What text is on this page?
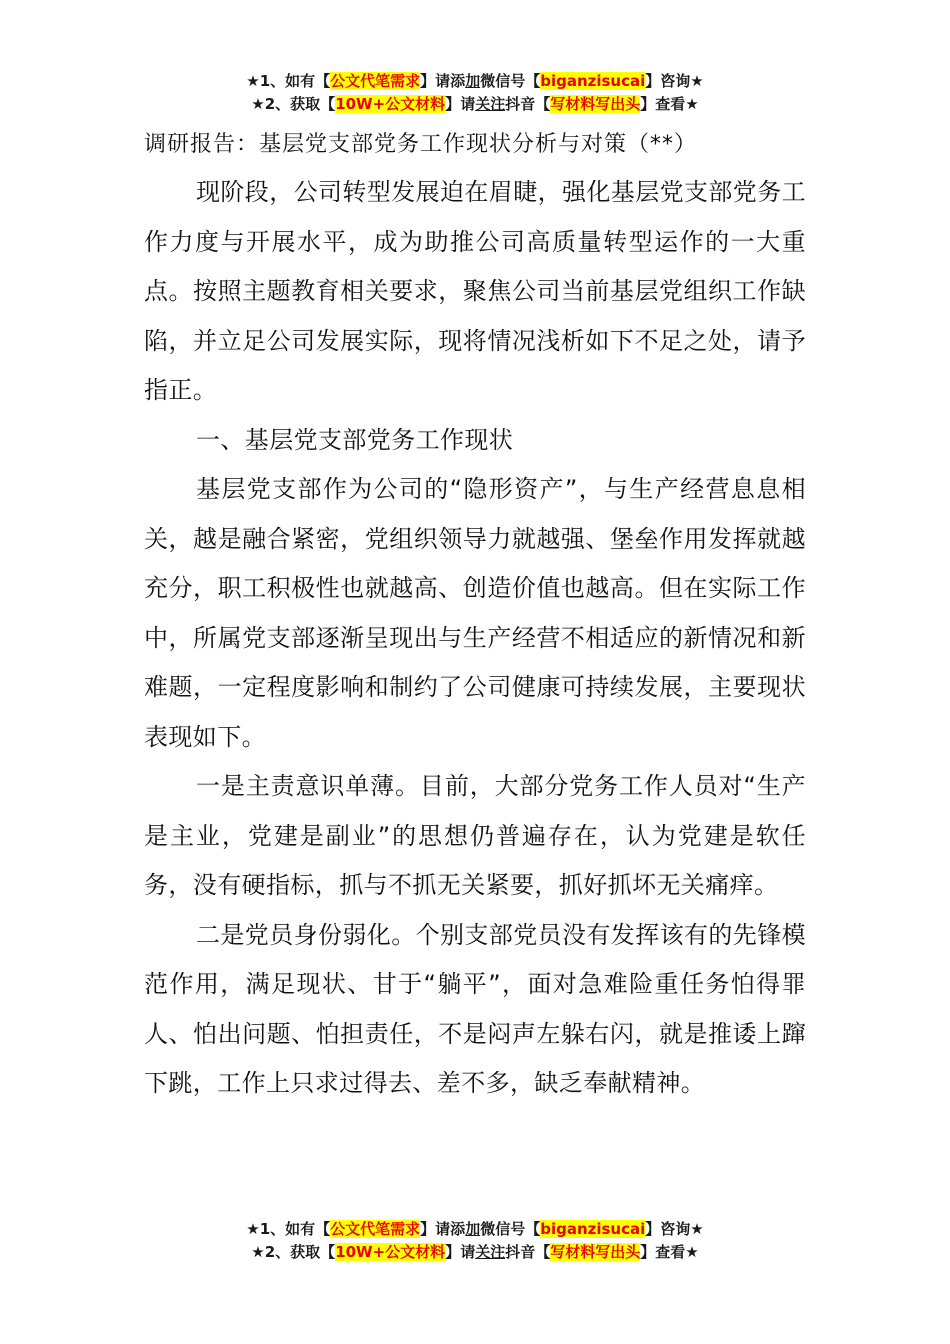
★1、如有【公文代笔需求】请添加微信号【biganzisucai】咨询★
★2、获取【10W+公文材料】请关注抖音【写材料写出头】查看★
调研报告：基层党支部党务工作现状分析与对策（**）

现阶段，公司转型发展迫在眉睫，强化基层党支部党务工作力度与开展水平，成为助推公司高质量转型运作的一大重点。按照主题教育相关要求，聚焦公司当前基层党组织工作缺陷，并立足公司发展实际，现将情况浅析如下不足之处，请予指正。

一、基层党支部党务工作现状

基层党支部作为公司的“隐形资产”，与生产经营息息相关，越是融合紧密，党组织领导力就越强、堡垒作用发挥就越充分，职工积极性也就越高、创造价值也越高。但在实际工作中，所属党支部逐渐呈现出与生产经营不相适应的新情况和新难题，一定程度影响和制约了公司健康可持续发展，主要现状表现如下。

一是主责意识单薄。目前，大部分党务工作人员对“生产是主业，党建是副业”的思想仍普遍存在，认为党建是软任务，没有硬指标，抓与不抓无关紧要，抓好抓坏无关痛痒。

二是党员身份弱化。个别支部党员没有发挥该有的先锋模范作用，满足现状、甘于“躺平”，面对急难险重任务怕得罪人、怕出问题、怕担责任，不是闷声左躲右闪，就是推诿上蹿下跳，工作上只求过得去、差不多，缺乏奉献精神。

★1、如有【公文代笔需求】请添加微信号【biganzisucai】咨询★
★2、获取【10W+公文材料】请关注抖音【写材料写出头】查看★
